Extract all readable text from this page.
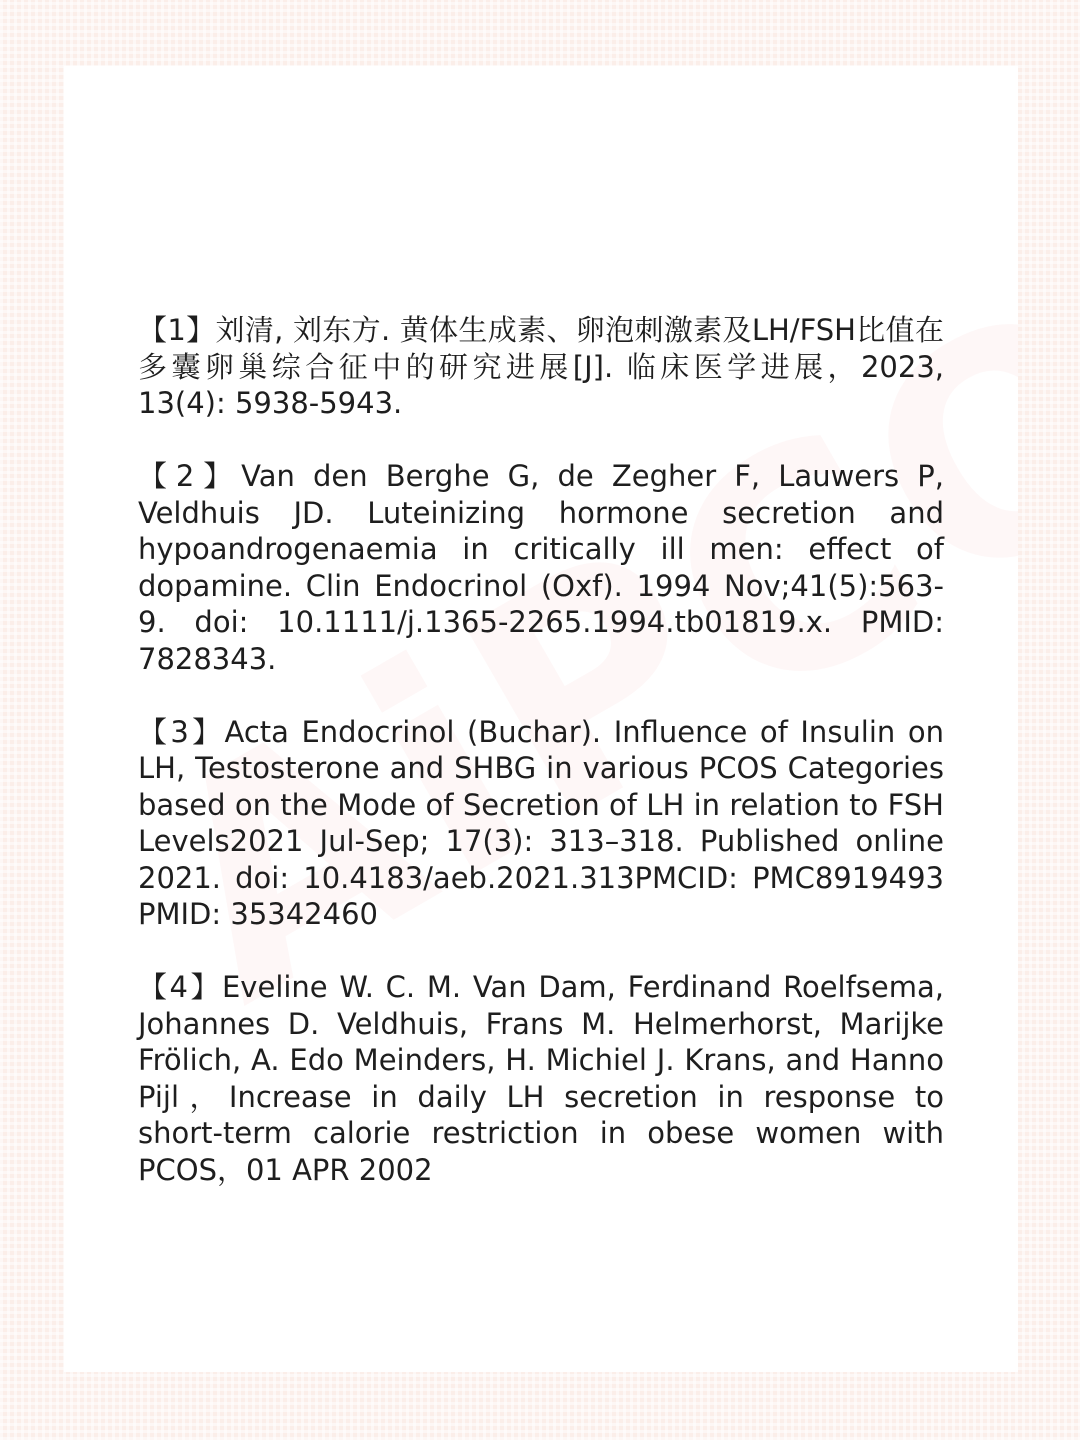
【1】刘清, 刘东方. 黄体生成素、卵泡刺激素及LH/FSH比值在多囊卵巢综合征中的研究进展[J]. 临床医学进展，2023, 13(4): 5938-5943.

【2】Van den Berghe G, de Zegher F, Lauwers P, Veldhuis JD. Luteinizing hormone secretion and hypoandrogenaemia in critically ill men: effect of dopamine. Clin Endocrinol (Oxf). 1994 Nov;41(5):563-9. doi: 10.1111/j.1365-2265.1994.tb01819.x. PMID: 7828343.

【3】Acta Endocrinol (Buchar). Influence of Insulin on LH, Testosterone and SHBG in various PCOS Categories based on the Mode of Secretion of LH in relation to FSH Levels2021 Jul-Sep; 17(3): 313–318. Published online 2021. doi: 10.4183/aeb.2021.313PMCID: PMC8919493 PMID: 35342460

【4】Eveline W. C. M. Van Dam, Ferdinand Roelfsema, Johannes D. Veldhuis, Frans M. Helmerhorst, Marijke Frölich, A. Edo Meinders, H. Michiel J. Krans, and Hanno Pijl，Increase in daily LH secretion in response to short-term calorie restriction in obese women with PCOS，01 APR 2002
